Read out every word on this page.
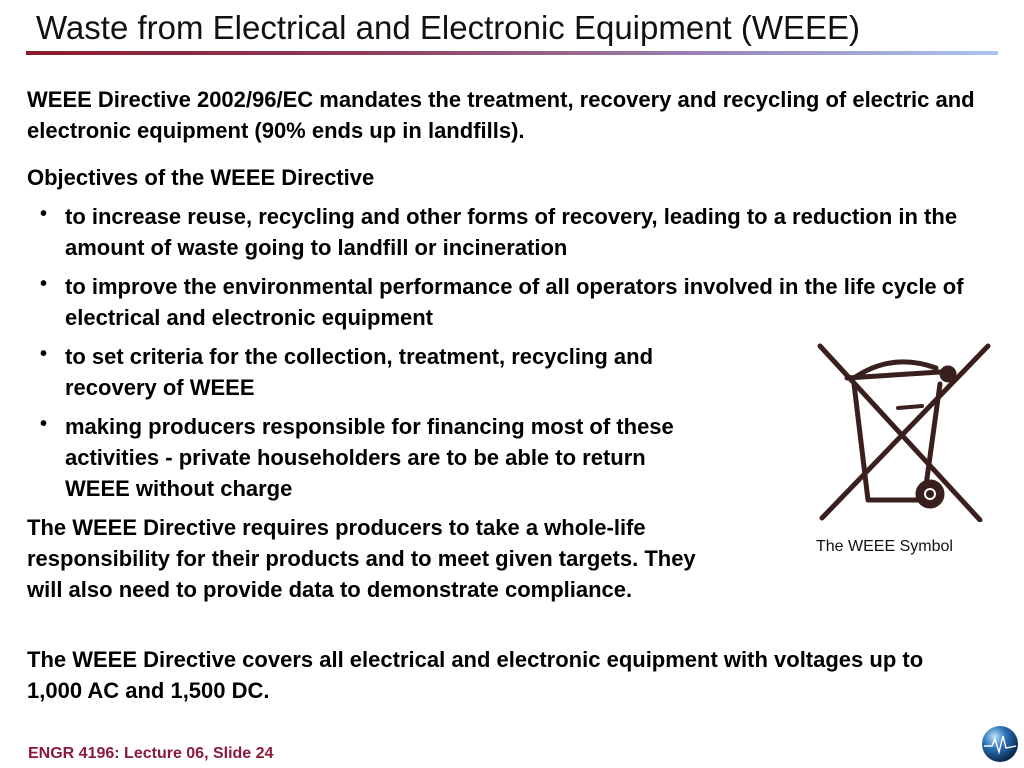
Waste from Electrical and Electronic Equipment (WEEE)

WEEE Directive 2002/96/EC mandates the treatment, recovery and recycling of electric and electronic equipment (90% ends up in landfills).

Objectives of the WEEE Directive

• to increase reuse, recycling and other forms of recovery, leading to a reduction in the amount of waste going to landfill or incineration
• to improve the environmental performance of all operators involved in the life cycle of electrical and electronic equipment
• to set criteria for the collection, treatment, recycling and recovery of WEEE
• making producers responsible for financing most of these activities - private householders are to be able to return WEEE without charge

The WEEE Directive requires producers to take a whole-life responsibility for their products and to meet given targets. They will also need to provide data to demonstrate compliance.

The WEEE Directive covers all electrical and electronic equipment with voltages up to 1,000 AC and 1,500 DC.

The WEEE Symbol
ENGR 4196: Lecture 06, Slide 24
